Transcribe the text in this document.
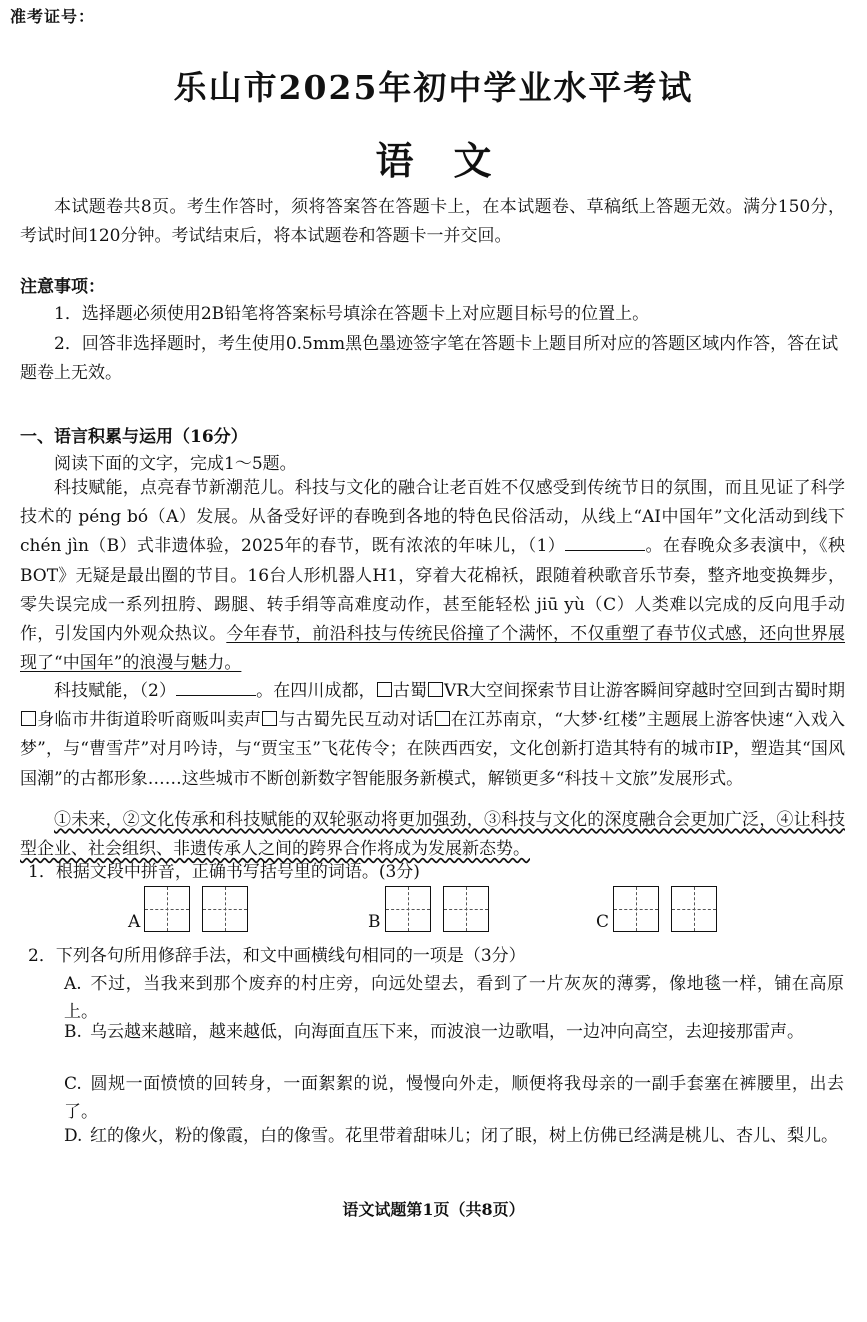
准考证号：
乐山市2025年初中学业水平考试
语文
本试题卷共8页。考生作答时，须将答案答在答题卡上，在本试题卷、草稿纸上答题无效。满分150分，考试时间120分钟。考试结束后，将本试题卷和答题卡一并交回。
注意事项：
1．选择题必须使用2B铅笔将答案标号填涂在答题卡上对应题目标号的位置上。
2．回答非选择题时，考生使用0.5mm黑色墨迹签字笔在答题卡上题目所对应的答题区域内作答，答在试题卷上无效。
一、语言积累与运用（16分）
阅读下面的文字，完成1～5题。
科技赋能，点亮春节新潮范儿。科技与文化的融合让老百姓不仅感受到传统节日的氛围，而且见证了科学技术的 péng bó（A）发展。从备受好评的春晚到各地的特色民俗活动，从线上“AI中国年”文化活动到线下 chén jìn（B）式非遗体验，2025年的春节，既有浓浓的年味儿，（1）	。在春晚众多表演中，《秧BOT》无疑是最出圈的节目。16台人形机器人H1，穿着大花棉袄，跟随着秧歌音乐节奏，整齐地变换舞步，零失误完成一系列扭胯、踢腿、转手绢等高难度动作，甚至能轻松 jiū yù（C）人类难以完成的反向甩手动作，引发国内外观众热议。今年春节，前沿科技与传统民俗撞了个满怀，不仅重塑了春节仪式感，还向世界展现了“中国年”的浪漫与魅力。
科技赋能，（2）	。在四川成都， 古蜀 VR大空间探索节目让游客瞬间穿越时空回到古蜀时期身临市井街道聆听商贩叫卖声 与古蜀先民互动对话 在江苏南京，“大梦·红楼”主题展上游客快速“入戏入梦”，与“曹雪芹”对月吟诗，与“贾宝玉”飞花传令；在陕西西安，文化创新打造其特有的城市IP，塑造其“国风国潮”的古都形象……这些城市不断创新数字智能服务新模式，解锁更多“科技＋文旅”发展形式。
①未来，②文化传承和科技赋能的双轮驱动将更加强劲，③科技与文化的深度融合会更加广泛，④让科技型企业、社会组织、非遗传承人之间的跨界合作将成为发展新态势。
1．根据文段中拼音，正确书写括号里的词语。(3分)
A	B	C
2．下列各句所用修辞手法，和文中画横线句相同的一项是（3分）
A. 不过，当我来到那个废弃的村庄旁，向远处望去，看到了一片灰灰的薄雾，像地毯一样，铺在高原上。
B. 乌云越来越暗，越来越低，向海面直压下来，而波浪一边歌唱，一边冲向高空，去迎接那雷声。
C. 圆规一面愤愤的回转身，一面絮絮的说，慢慢向外走，顺便将我母亲的一副手套塞在裤腰里，出去了。
D. 红的像火，粉的像霞，白的像雪。花里带着甜味儿；闭了眼，树上仿佛已经满是桃儿、杏儿、梨儿。
语文试题第1页（共8页）
